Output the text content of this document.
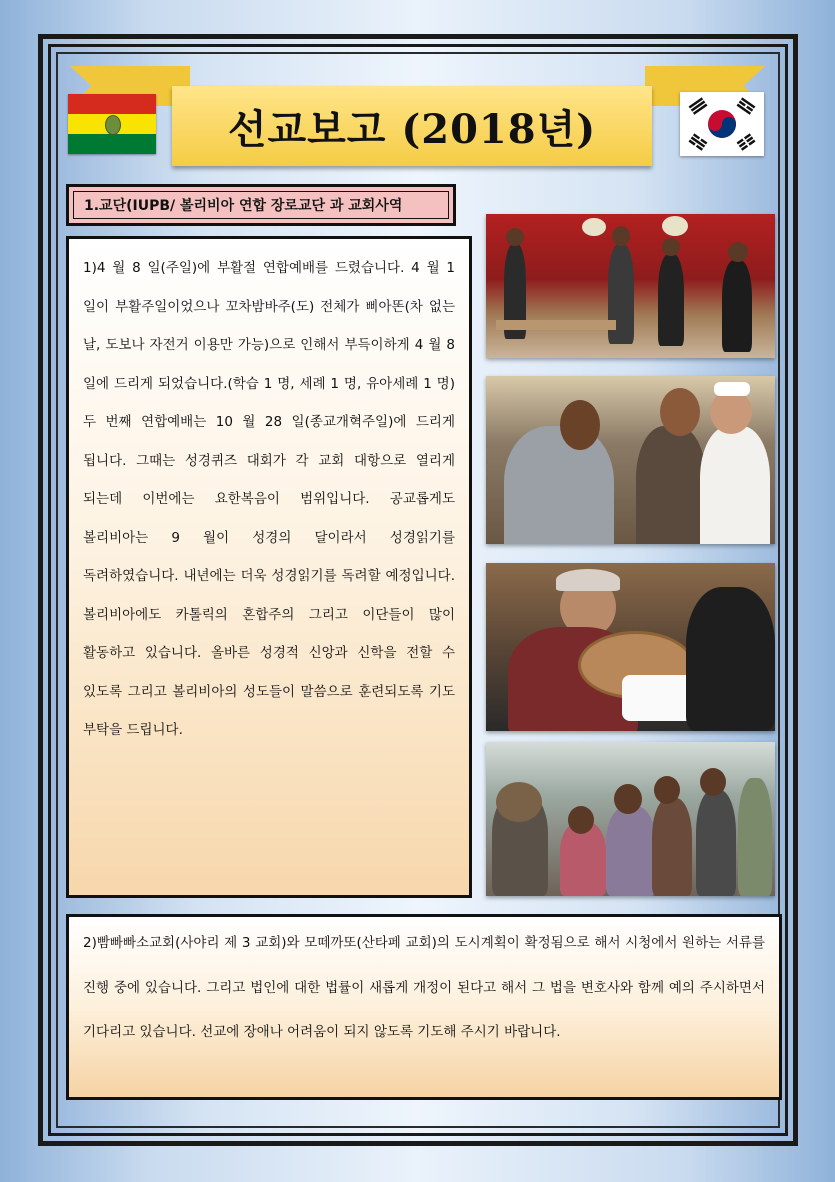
선교보고 (2018년)
1.교단(IUPB/ 볼리비아 연합 장로교단 과 교회사역

1)4 월 8 일(주일)에 부활절 연합예배를 드렸습니다. 4 월 1 일이 부활주일이었으나 꼬차밤바주(도) 전체가 삐아똔(차 없는 날, 도보나 자전거 이용만 가능)으로 인해서 부득이하게 4 월 8 일에 드리게 되었습니다.(학습 1 명, 세례 1 명, 유아세례 1 명) 두 번째 연합예배는 10 월 28 일(종교개혁주일)에 드리게 됩니다. 그때는 성경퀴즈 대회가 각 교회 대항으로 열리게 되는데 이번에는 요한복음이 범위입니다. 공교롭게도 볼리비아는 9 월이 성경의 달이라서 성경읽기를 독려하였습니다. 내년에는 더욱 성경읽기를 독려할 예정입니다. 볼리비아에도 카톨릭의 혼합주의 그리고 이단들이 많이 활동하고 있습니다. 올바른 성경적 신앙과 신학을 전할 수 있도록 그리고 볼리비아의 성도들이 말씀으로 훈련되도록 기도 부탁을 드립니다.

2)빰빠빠소교회(사야리 제 3 교회)와 모떼까또(산타페 교회)의 도시계획이 확정됨으로 해서 시청에서 원하는 서류를 진행 중에 있습니다. 그리고 법인에 대한 법률이 새롭게 개정이 된다고 해서 그 법을 변호사와 함께 예의 주시하면서 기다리고 있습니다. 선교에 장애나 어려움이 되지 않도록 기도해 주시기 바랍니다.
